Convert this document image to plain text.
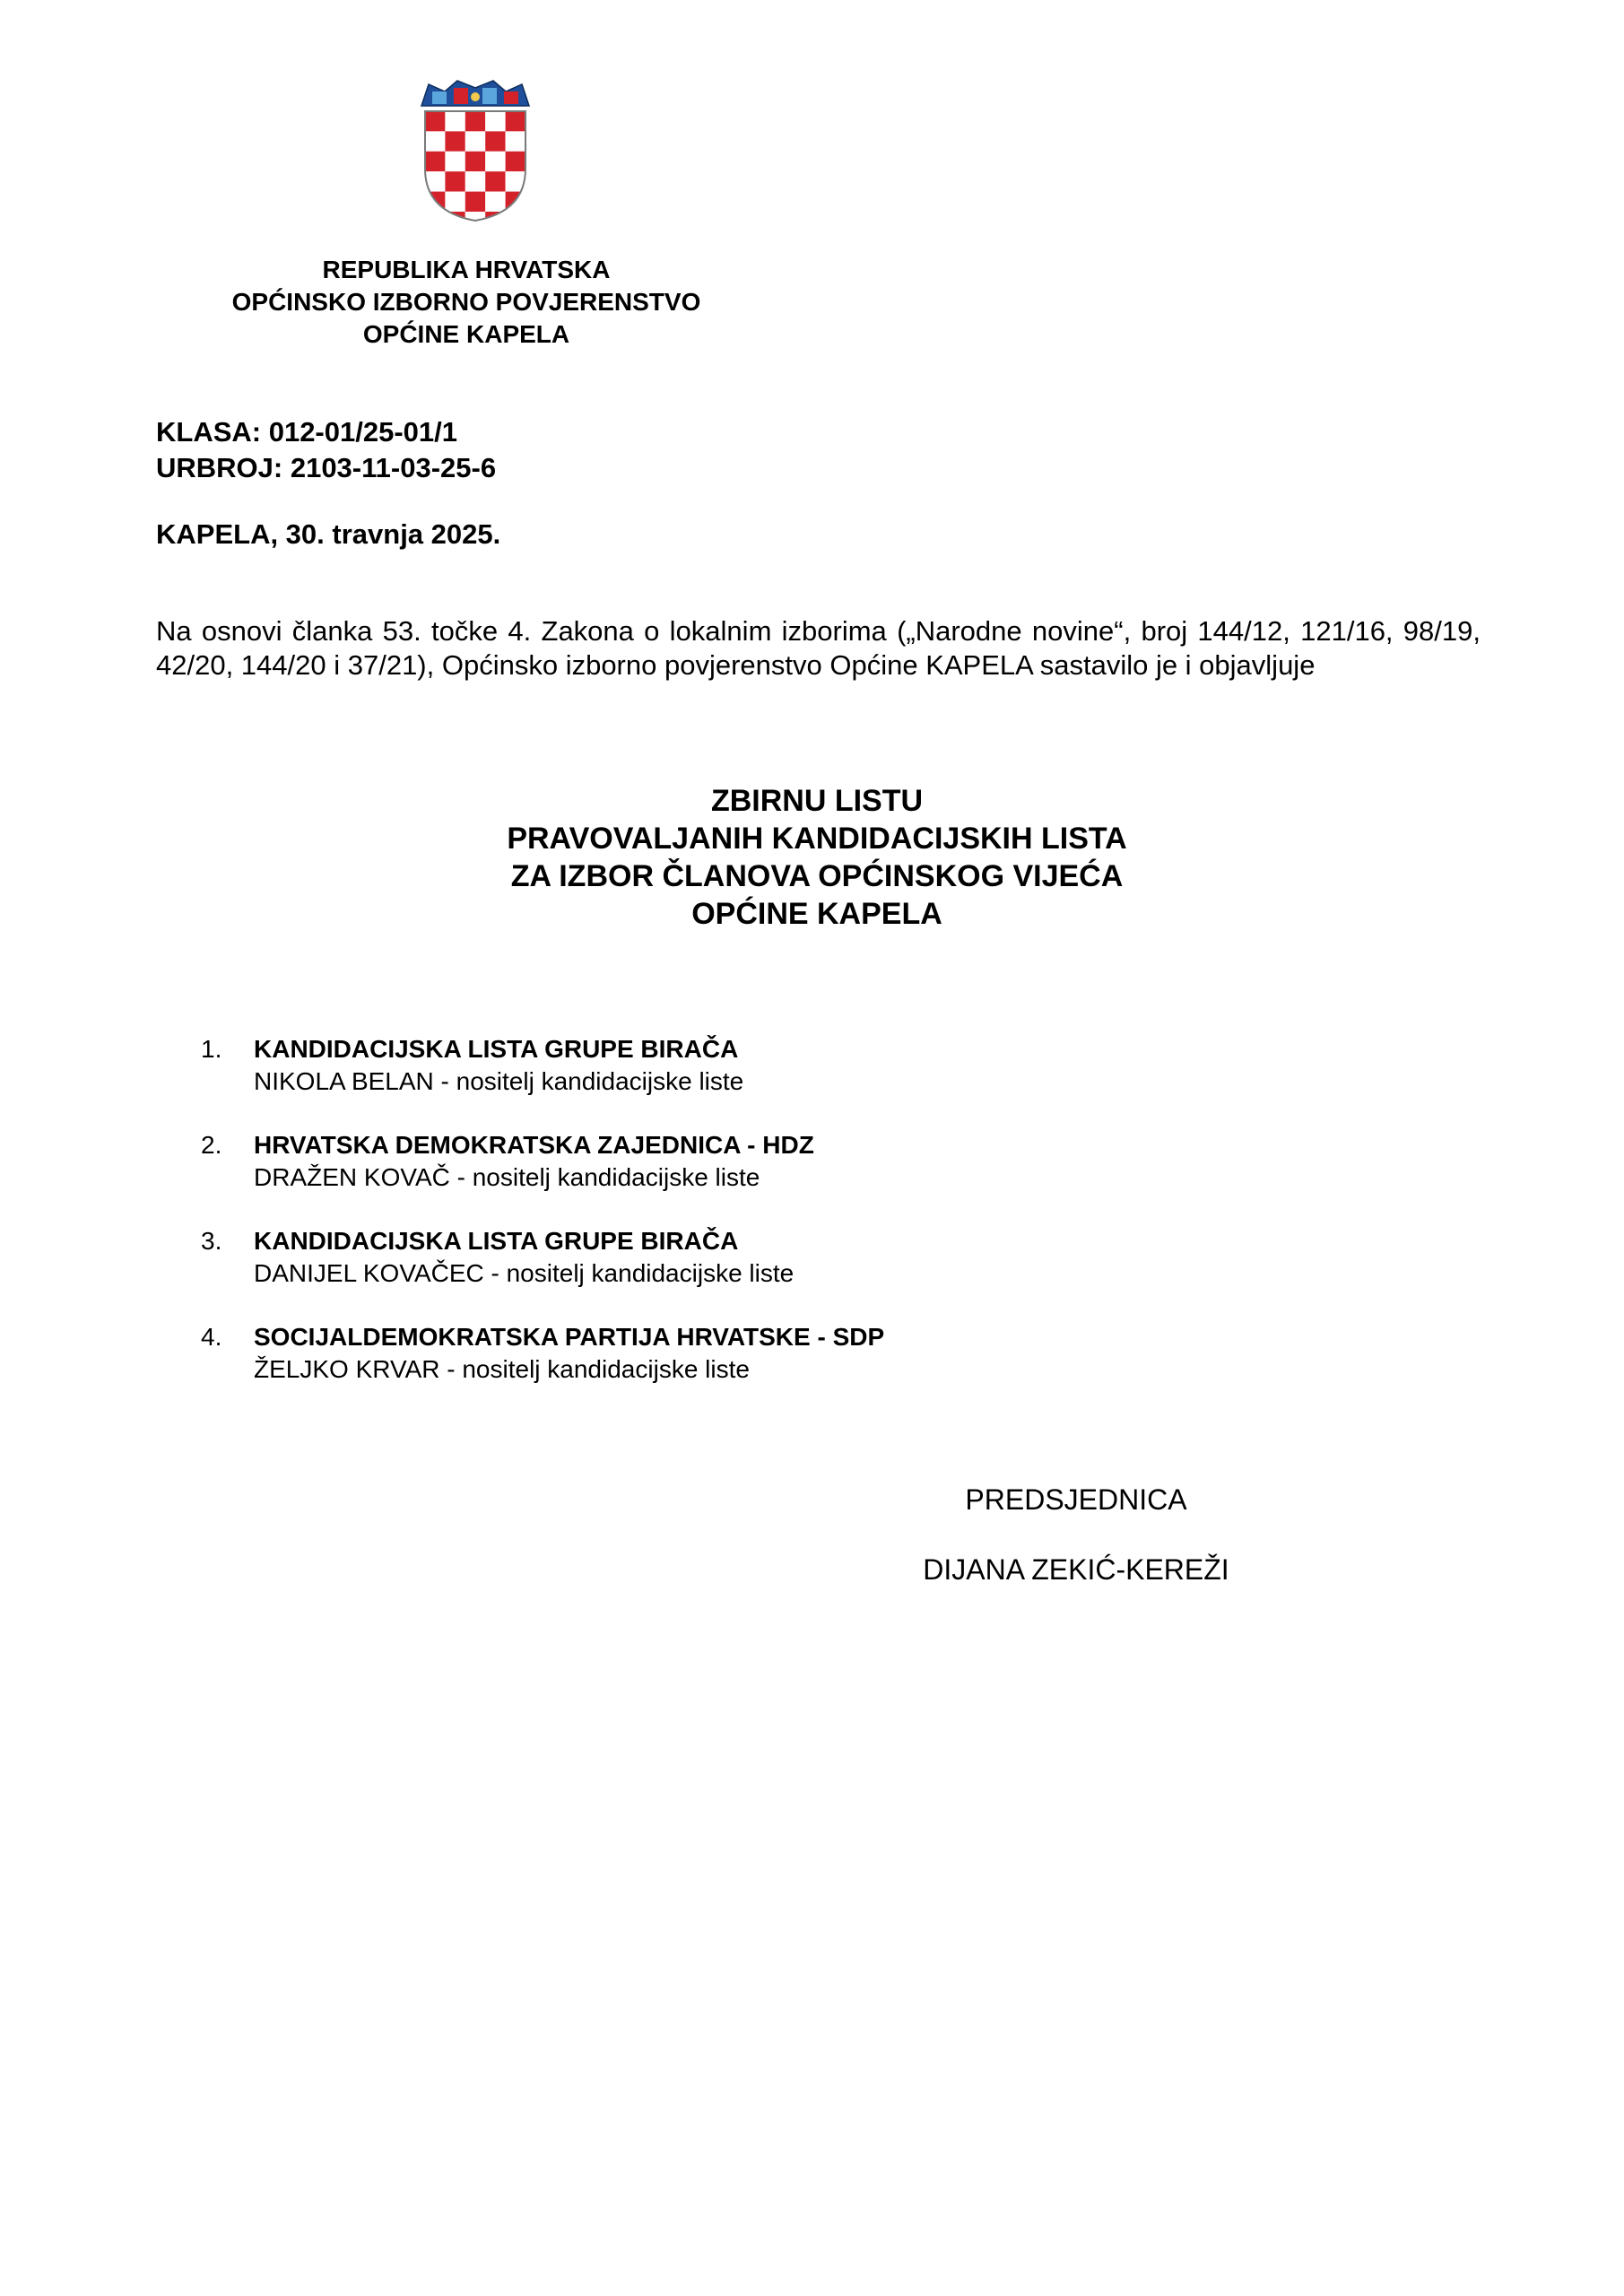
REPUBLIKA HRVATSKA
OPĆINSKO IZBORNO POVJERENSTVO
OPĆINE KAPELA
KLASA: 012-01/25-01/1
URBROJ: 2103-11-03-25-6
KAPELA, 30. travnja 2025.
Na osnovi članka 53. točke 4. Zakona o lokalnim izborima („Narodne novine“, broj 144/12, 121/16, 98/19, 42/20, 144/20 i 37/21), Općinsko izborno povjerenstvo Općine KAPELA sastavilo je i objavljuje
ZBIRNU LISTU
PRAVOVALJANIH KANDIDACIJSKIH LISTA
ZA IZBOR ČLANOVA OPĆINSKOG VIJEĆA
OPĆINE KAPELA
1.	KANDIDACIJSKA LISTA GRUPE BIRAČA
NIKOLA BELAN - nositelj kandidacijske liste
2.	HRVATSKA DEMOKRATSKA ZAJEDNICA - HDZ
DRAŽEN KOVAČ - nositelj kandidacijske liste
3.	KANDIDACIJSKA LISTA GRUPE BIRAČA
DANIJEL KOVAČEC - nositelj kandidacijske liste
4.	SOCIJALDEMOKRATSKA PARTIJA HRVATSKE - SDP
ŽELJKO KRVAR - nositelj kandidacijske liste
PREDSJEDNICA
DIJANA ZEKIĆ-KEREŽI
